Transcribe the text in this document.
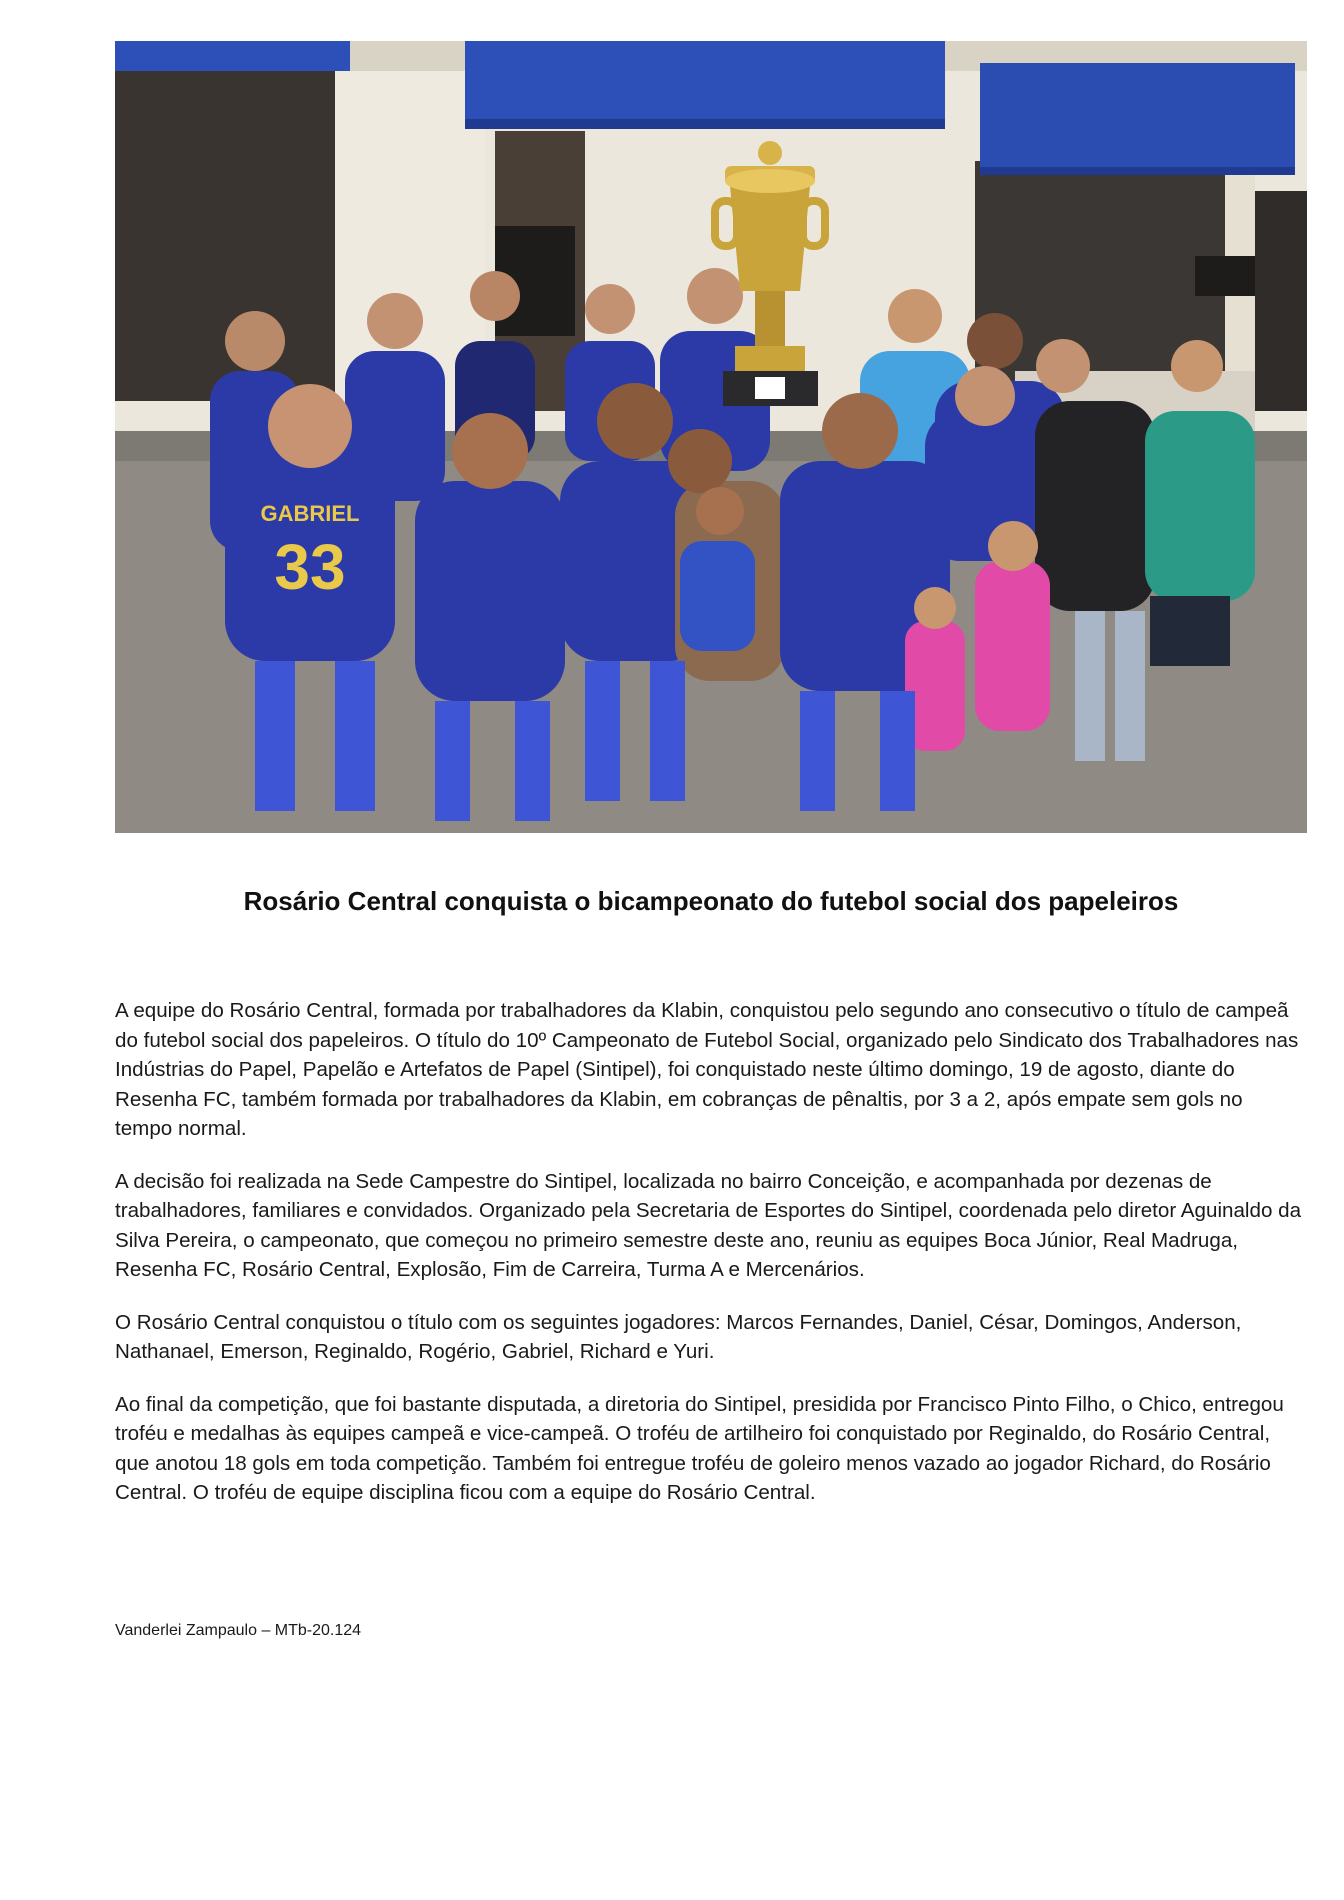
GABRIEL
33
Rosário Central conquista o bicampeonato do futebol social dos papeleiros

A equipe do Rosário Central, formada por trabalhadores da Klabin, conquistou pelo segundo ano consecutivo o título de campeã do futebol social dos papeleiros. O título do 10º Campeonato de Futebol Social, organizado pelo Sindicato dos Trabalhadores nas Indústrias do Papel, Papelão e Artefatos de Papel (Sintipel), foi conquistado neste último domingo, 19 de agosto, diante do Resenha FC, também formada por trabalhadores da Klabin, em cobranças de pênaltis, por 3 a 2, após empate sem gols no tempo normal.

A decisão foi realizada na Sede Campestre do Sintipel, localizada no bairro Conceição, e acompanhada por dezenas de trabalhadores, familiares e convidados. Organizado pela Secretaria de Esportes do Sintipel, coordenada pelo diretor Aguinaldo da Silva Pereira, o campeonato, que começou no primeiro semestre deste ano, reuniu as equipes Boca Júnior, Real Madruga, Resenha FC, Rosário Central, Explosão, Fim de Carreira, Turma A e Mercenários.

O Rosário Central conquistou o título com os seguintes jogadores: Marcos Fernandes, Daniel, César, Domingos, Anderson, Nathanael, Emerson, Reginaldo, Rogério, Gabriel, Richard e Yuri.

Ao final da competição, que foi bastante disputada, a diretoria do Sintipel, presidida por Francisco Pinto Filho, o Chico, entregou troféu e medalhas às equipes campeã e vice-campeã. O troféu de artilheiro foi conquistado por Reginaldo, do Rosário Central, que anotou 18 gols em toda competição. Também foi entregue troféu de goleiro menos vazado ao jogador Richard, do Rosário Central. O troféu de equipe disciplina ficou com a equipe do Rosário Central.

Vanderlei Zampaulo – MTb-20.124
